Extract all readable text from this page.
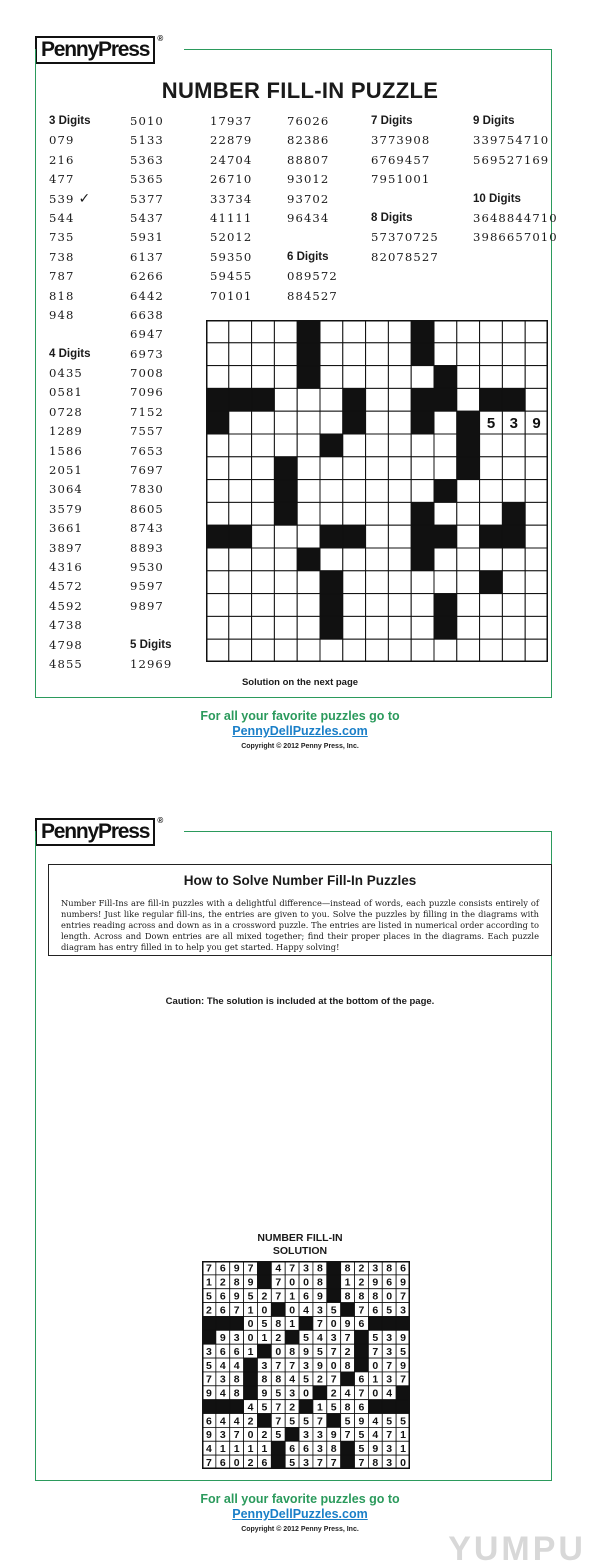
PennyPress ®
NUMBER FILL-IN PUZZLE
3 Digits
079
216
477
539 ✓
544
735
738
787
818
948
4 Digits
0435
0581
0728
1289
1586
2051
3064
3579
3661
3897
4316
4572
4592
4738
4798
4855
5010
5133
5363
5365
5377
5437
5931
6137
6266
6442
6638
6947
6973
7008
7096
7152
7557
7653
7697
7830
8605
8743
8893
9530
9597
9897
5 Digits
12969
17937
22879
24704
26710
33734
41111
52012
59350
59455
70101
76026
82386
88807
93012
93702
96434
6 Digits
089572
884527
7 Digits
3773908
6769457
7951001
8 Digits
57370725
82078527
9 Digits
339754710
569527169
10 Digits
3648844710
3986657010
5 3 9
Solution on the next page
For all your favorite puzzles go to
PennyDellPuzzles.com
Copyright © 2012 Penny Press, Inc.
PennyPress ®
How to Solve Number Fill-In Puzzles

Number Fill-Ins are fill-in puzzles with a delightful difference—instead of words, each puzzle consists entirely of numbers! Just like regular fill-ins, the entries are given to you. Solve the puzzles by filling in the diagrams with entries reading across and down as in a crossword puzzle. The entries are listed in numerical order according to length. Across and Down entries are all mixed together; find their proper places in the diagrams. Each puzzle diagram has entry filled in to help you get started. Happy solving!

Caution: The solution is included at the bottom of the page.
NUMBER FILL-IN
SOLUTION
7 6 9 7 4 7 3 8 8 2 3 8 6
1 2 8 9 7 0 0 8 1 2 9 6 9
5 6 9 5 2 7 1 6 9 8 8 8 0 7
2 6 7 1 0 0 4 3 5 7 6 5 3
0 5 8 1 7 0 9 6
9 3 0 1 2 5 4 3 7 5 3 9
3 6 6 1 0 8 9 5 7 2 7 3 5
5 4 4 3 7 7 3 9 0 8 0 7 9
7 3 8 8 8 4 5 2 7 6 1 3 7
9 4 8 9 5 3 0 2 4 7 0 4
4 5 7 2 1 5 8 6
6 4 4 2 7 5 5 7 5 9 4 5 5
9 3 7 0 2 5 3 3 9 7 5 4 7 1
4 1 1 1 1 6 6 3 8 5 9 3 1
7 6 0 2 6 5 3 7 7 7 8 3 0
For all your favorite puzzles go to
PennyDellPuzzles.com
Copyright © 2012 Penny Press, Inc.
YUMPU
